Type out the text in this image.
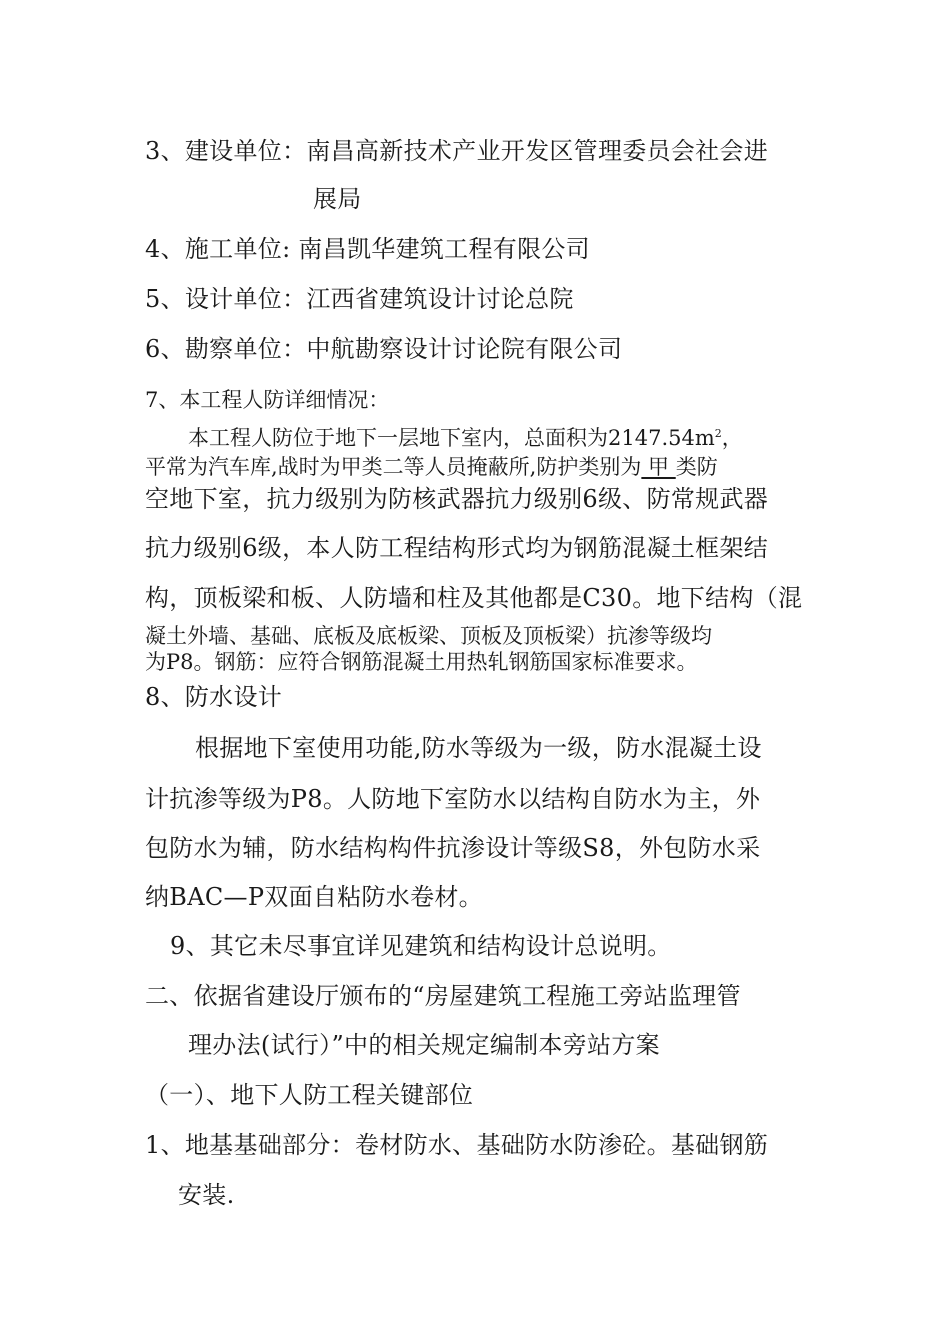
3、建设单位：南昌高新技术产业开发区管理委员会社会进
展局
4、施工单位: 南昌凯华建筑工程有限公司
5、设计单位：江西省建筑设计讨论总院
6、勘察单位：中航勘察设计讨论院有限公司
7、本工程人防详细情况：
本工程人防位于地下一层地下室内，总面积为$2147.54m^2$，
平常为汽车库,战时为甲类二等人员掩蔽所,防护类别为 甲 类防
空地下室，抗力级别为防核武器抗力级别6级、防常规武器
抗力级别6级，本人防工程结构形式均为钢筋混凝土框架结
构，顶板梁和板、人防墙和柱及其他都是C30。地下结构（混
凝土外墙、基础、底板及底板梁、顶板及顶板梁）抗渗等级均
为P8。钢筋：应符合钢筋混凝土用热轧钢筋国家标准要求。
8、防水设计
根据地下室使用功能,防水等级为一级，防水混凝土设
计抗渗等级为P8。人防地下室防水以结构自防水为主，外
包防水为辅，防水结构构件抗渗设计等级S8，外包防水采
纳BAC—P双面自粘防水卷材。
9、其它未尽事宜详见建筑和结构设计总说明。
二、依据省建设厅颁布的“房屋建筑工程施工旁站监理管
理办法(试行）”中的相关规定编制本旁站方案
（一）、地下人防工程关键部位
1、地基基础部分：卷材防水、基础防水防渗砼。基础钢筋
安装.
